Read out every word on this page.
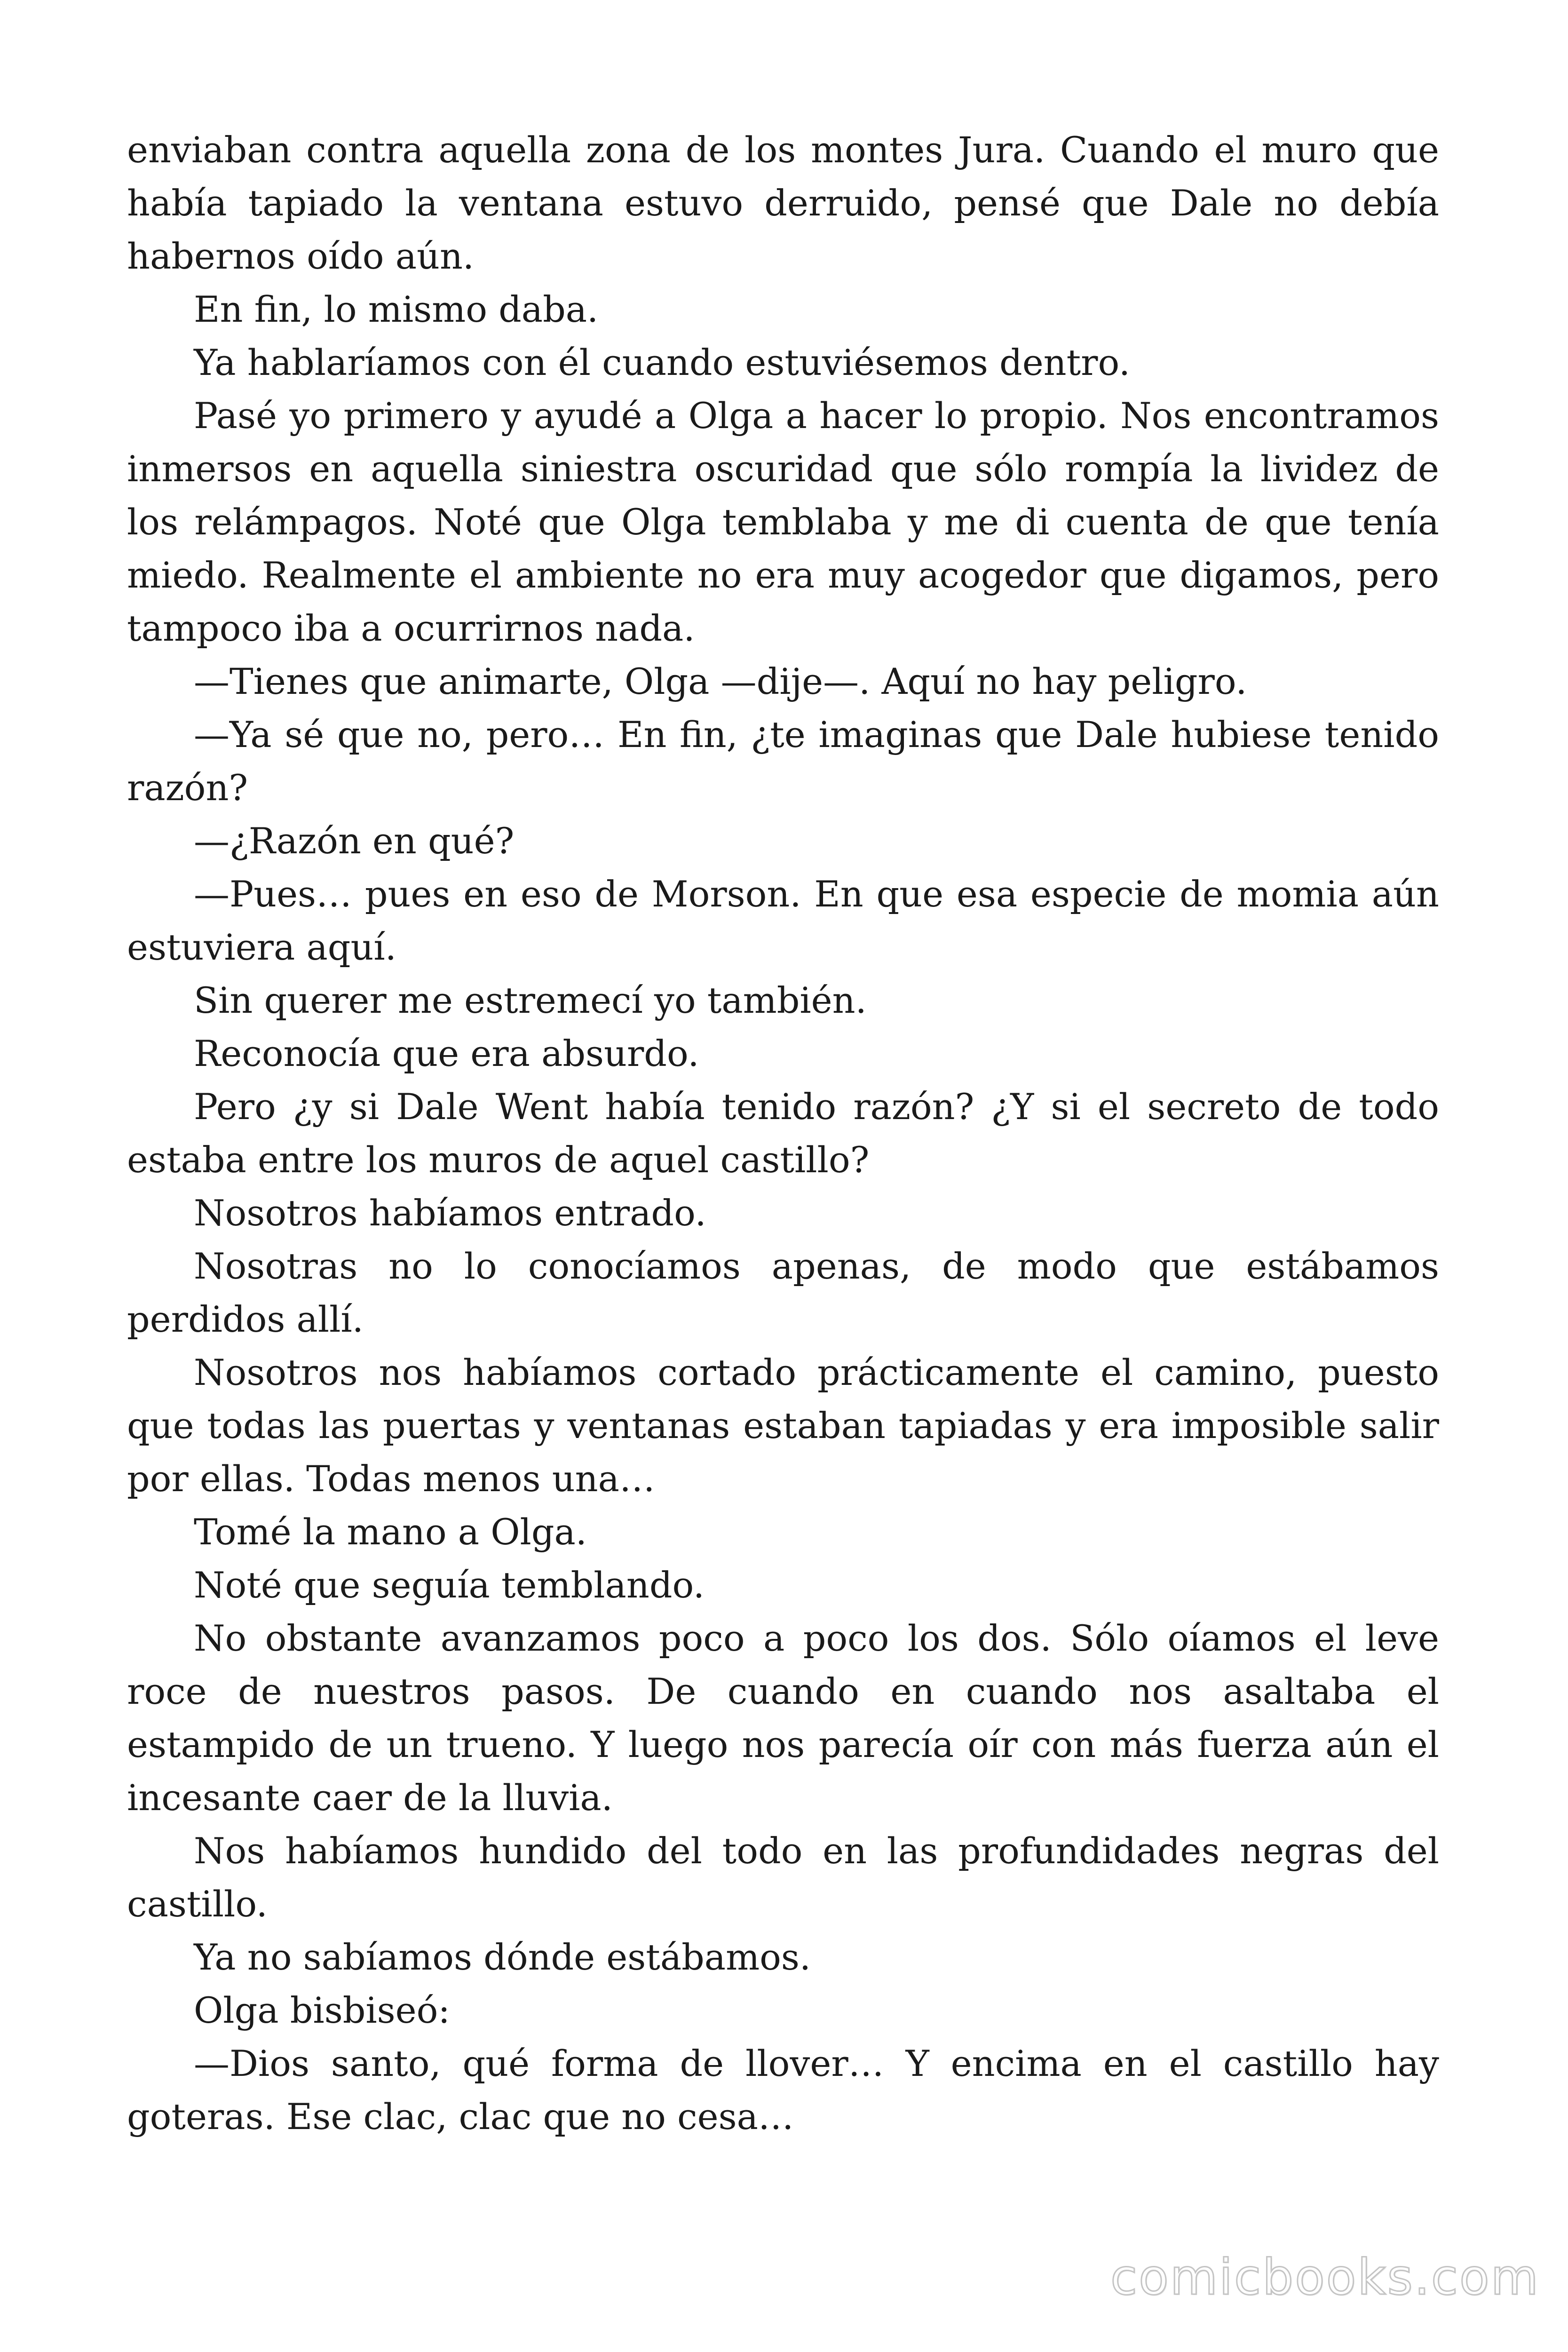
enviaban contra aquella zona de los montes Jura. Cuando el muro que había tapiado la ventana estuvo derruido, pensé que Dale no debía habernos oído aún.

En fin, lo mismo daba.

Ya hablaríamos con él cuando estuviésemos dentro.

Pasé yo primero y ayudé a Olga a hacer lo propio. Nos encontramos inmersos en aquella siniestra oscuridad que sólo rompía la lividez de los relámpagos. Noté que Olga temblaba y me di cuenta de que tenía miedo. Realmente el ambiente no era muy acogedor que digamos, pero tampoco iba a ocurrirnos nada.

—Tienes que animarte, Olga —dije—. Aquí no hay peligro.

—Ya sé que no, pero… En fin, ¿te imaginas que Dale hubiese tenido razón?

—¿Razón en qué?

—Pues… pues en eso de Morson. En que esa especie de momia aún estuviera aquí.

Sin querer me estremecí yo también.

Reconocía que era absurdo.

Pero ¿y si Dale Went había tenido razón? ¿Y si el secreto de todo estaba entre los muros de aquel castillo?

Nosotros habíamos entrado.

Nosotras no lo conocíamos apenas, de modo que estábamos perdidos allí.

Nosotros nos habíamos cortado prácticamente el camino, puesto que todas las puertas y ventanas estaban tapiadas y era imposible salir por ellas. Todas menos una…

Tomé la mano a Olga.

Noté que seguía temblando.

No obstante avanzamos poco a poco los dos. Sólo oíamos el leve roce de nuestros pasos. De cuando en cuando nos asaltaba el estampido de un trueno. Y luego nos parecía oír con más fuerza aún el incesante caer de la lluvia.

Nos habíamos hundido del todo en las profundidades negras del castillo.

Ya no sabíamos dónde estábamos.

Olga bisbiseó:

—Dios santo, qué forma de llover… Y encima en el castillo hay goteras. Ese clac, clac que no cesa…

comicbooks.com
